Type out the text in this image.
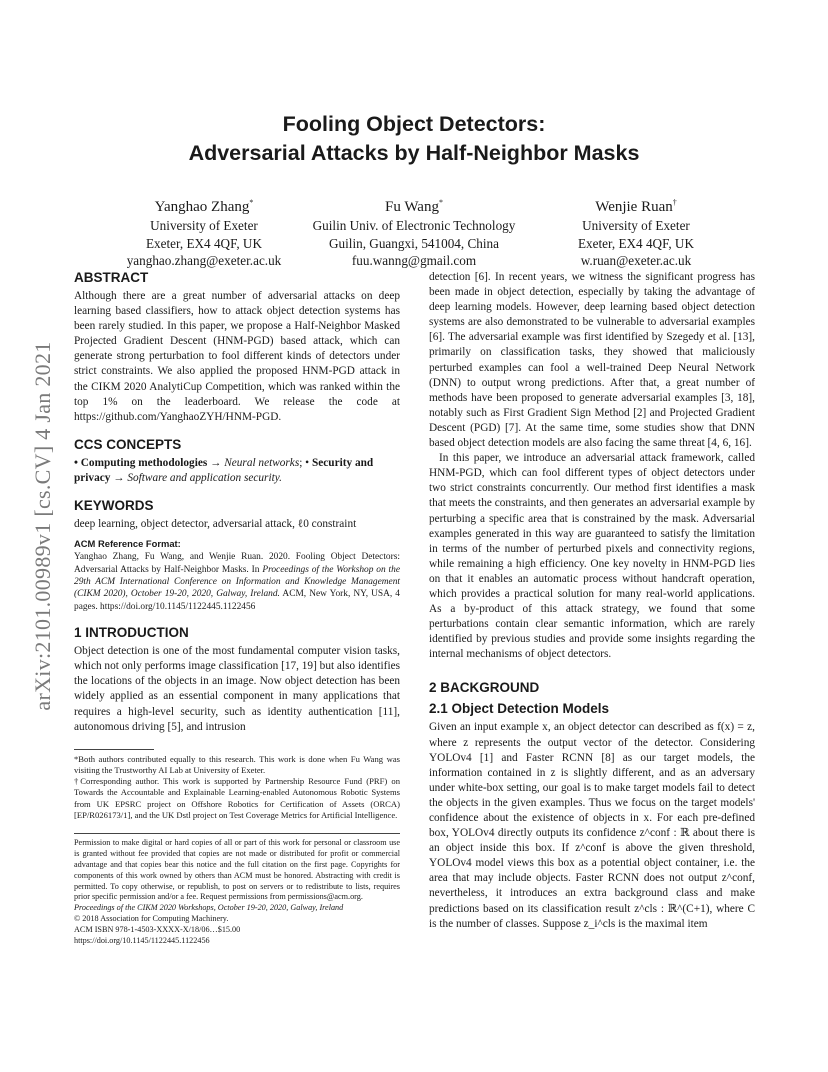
arXiv:2101.00989v1 [cs.CV] 4 Jan 2021
Fooling Object Detectors:
Adversarial Attacks by Half-Neighbor Masks
Yanghao Zhang*
University of Exeter
Exeter, EX4 4QF, UK
yanghao.zhang@exeter.ac.uk
Fu Wang*
Guilin Univ. of Electronic Technology
Guilin, Guangxi, 541004, China
fuu.wanng@gmail.com
Wenjie Ruan†
University of Exeter
Exeter, EX4 4QF, UK
w.ruan@exeter.ac.uk
ABSTRACT

Although there are a great number of adversarial attacks on deep learning based classifiers, how to attack object detection systems has been rarely studied. In this paper, we propose a Half-Neighbor Masked Projected Gradient Descent (HNM-PGD) based attack, which can generate strong perturbation to fool different kinds of detectors under strict constraints. We also applied the proposed HNM-PGD attack in the CIKM 2020 AnalytiCup Competition, which was ranked within the top 1% on the leaderboard. We release the code at https://github.com/YanghaoZYH/HNM-PGD.

CCS CONCEPTS

• Computing methodologies → Neural networks; • Security and privacy → Software and application security.

KEYWORDS

deep learning, object detector, adversarial attack, ℓ0 constraint

ACM Reference Format:

Yanghao Zhang, Fu Wang, and Wenjie Ruan. 2020. Fooling Object Detectors: Adversarial Attacks by Half-Neighbor Masks. In Proceedings of the Workshop on the 29th ACM International Conference on Information and Knowledge Management (CIKM 2020), October 19-20, 2020, Galway, Ireland. ACM, New York, NY, USA, 4 pages. https://doi.org/10.1145/1122445.1122456

1 INTRODUCTION

Object detection is one of the most fundamental computer vision tasks, which not only performs image classification [17, 19] but also identifies the locations of the objects in an image. Now object detection has been widely applied as an essential component in many applications that requires a high-level security, such as identity authentication [11], autonomous driving [5], and intrusion

*Both authors contributed equally to this research. This work is done when Fu Wang was visiting the Trustworthy AI Lab at University of Exeter.

†Corresponding author. This work is supported by Partnership Resource Fund (PRF) on Towards the Accountable and Explainable Learning-enabled Autonomous Robotic Systems from UK EPSRC project on Offshore Robotics for Certification of Assets (ORCA) [EP/R026173/1], and the UK Dstl project on Test Coverage Metrics for Artificial Intelligence.

Permission to make digital or hard copies of all or part of this work for personal or classroom use is granted without fee provided that copies are not made or distributed for profit or commercial advantage and that copies bear this notice and the full citation on the first page. Copyrights for components of this work owned by others than ACM must be honored. Abstracting with credit is permitted. To copy otherwise, or republish, to post on servers or to redistribute to lists, requires prior specific permission and/or a fee. Request permissions from permissions@acm.org.

Proceedings of the CIKM 2020 Workshops, October 19-20, 2020, Galway, Ireland

© 2018 Association for Computing Machinery.

ACM ISBN 978-1-4503-XXXX-X/18/06…$15.00

https://doi.org/10.1145/1122445.1122456

detection [6]. In recent years, we witness the significant progress has been made in object detection, especially by taking the advantage of deep learning models. However, deep learning based object detection systems are also demonstrated to be vulnerable to adversarial examples [6]. The adversarial example was first identified by Szegedy et al. [13], primarily on classification tasks, they showed that maliciously perturbed examples can fool a well-trained Deep Neural Network (DNN) to output wrong predictions. After that, a great number of methods have been proposed to generate adversarial examples [3, 18], notably such as First Gradient Sign Method [2] and Projected Gradient Descent (PGD) [7]. At the same time, some studies show that DNN based object detection models are also facing the same threat [4, 6, 16].

In this paper, we introduce an adversarial attack framework, called HNM-PGD, which can fool different types of object detectors under two strict constraints concurrently. Our method first identifies a mask that meets the constraints, and then generates an adversarial example by perturbing a specific area that is constrained by the mask. Adversarial examples generated in this way are guaranteed to satisfy the limitation in terms of the number of perturbed pixels and connectivity regions, while remaining a high efficiency. One key novelty in HNM-PGD lies on that it enables an automatic process without handcraft operation, which provides a practical solution for many real-world applications. As a by-product of this attack strategy, we found that some perturbations contain clear semantic information, which are rarely identified by previous studies and provide some insights regarding the internal mechanisms of object detectors.

2 BACKGROUND
2.1 Object Detection Models

Given an input example x, an object detector can described as f(x) = z, where z represents the output vector of the detector. Considering YOLOv4 [1] and Faster RCNN [8] as our target models, the information contained in z is slightly different, and as an adversary under white-box setting, our goal is to make target models fail to detect the objects in the given examples. Thus we focus on the target models' confidence about the existence of objects in x. For each pre-defined box, YOLOv4 directly outputs its confidence z^conf : ℝ about there is an object inside this box. If z^conf is above the given threshold, YOLOv4 model views this box as a potential object container, i.e. the area that may include objects. Faster RCNN does not output z^conf, nevertheless, it introduces an extra background class and make predictions based on its classification result z^cls : ℝ^(C+1), where C is the number of classes. Suppose z_i^cls is the maximal item
